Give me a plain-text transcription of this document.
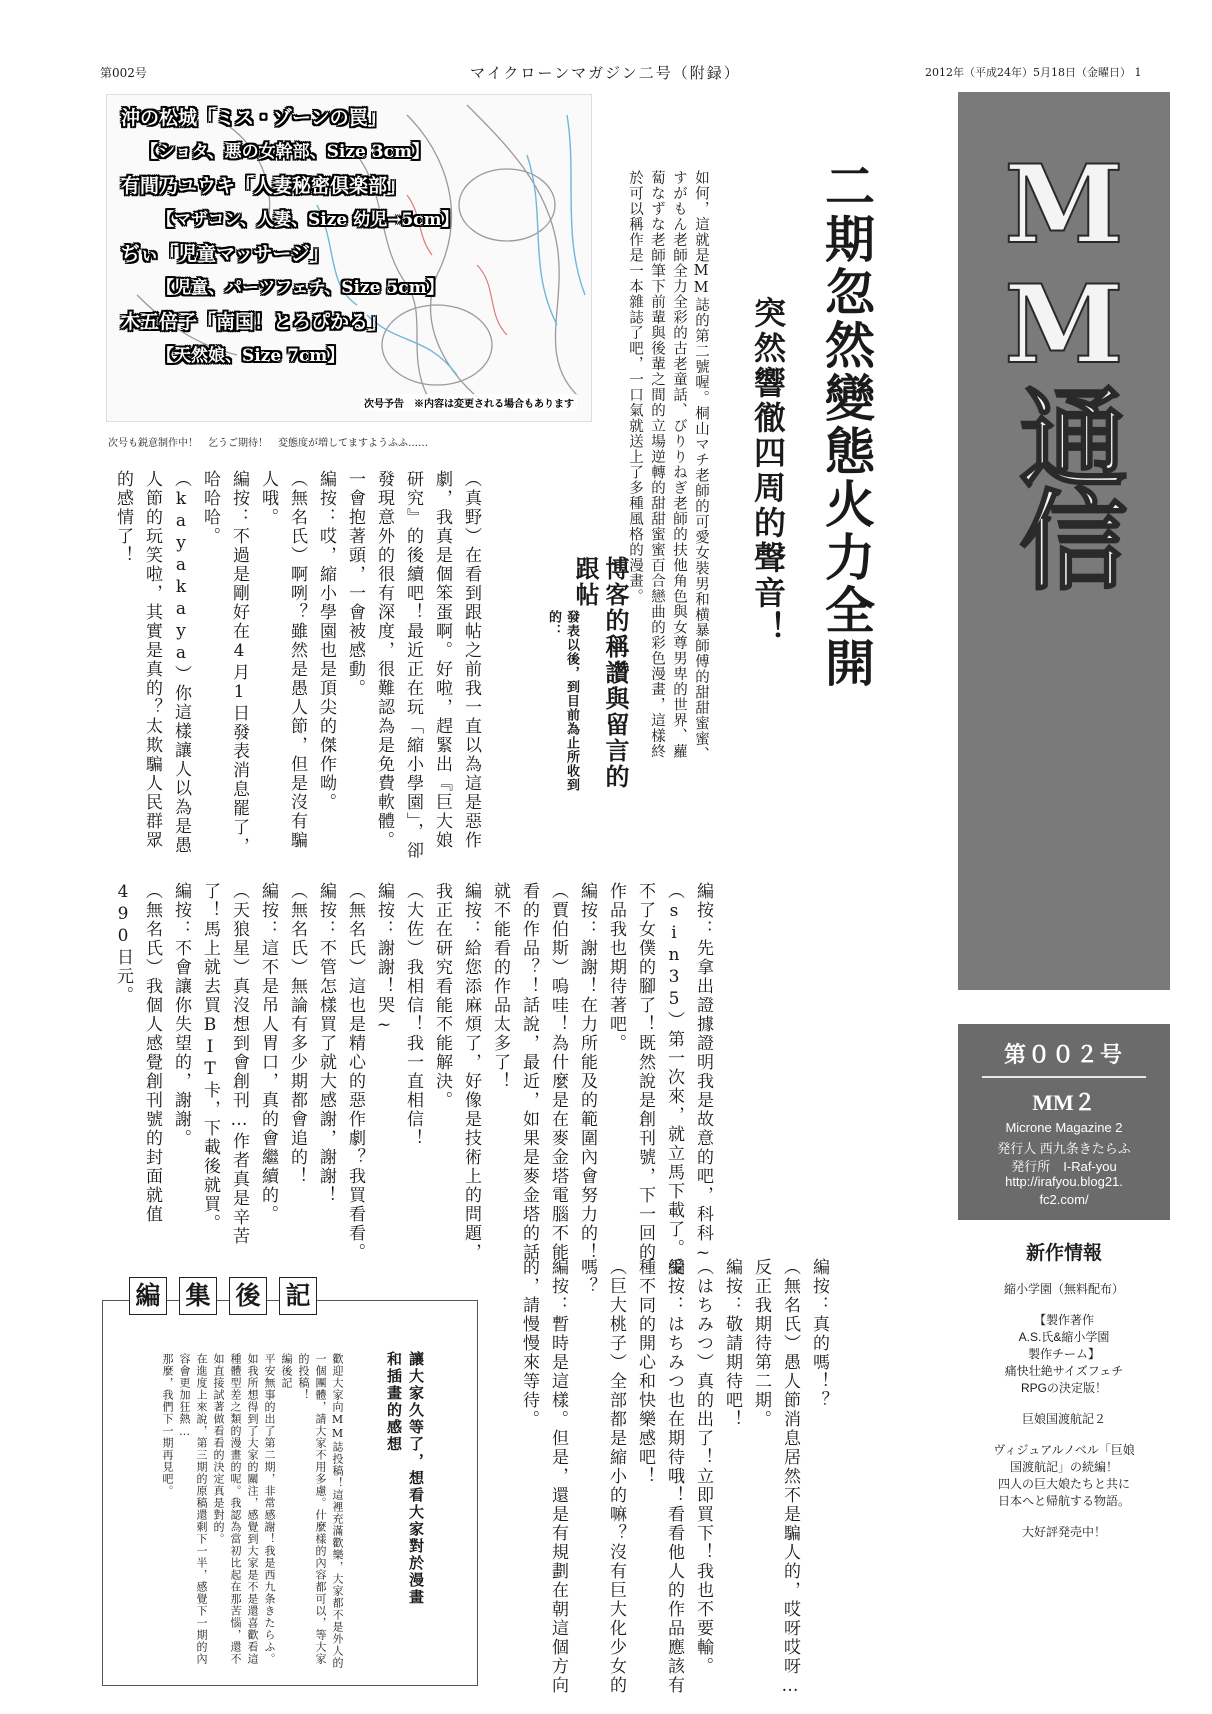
第002号	マイクローンマガジン二号（附録）	2012年（平成24年）5月18日（金曜日） 1
MM通信
第００２号
MM２
Microne Magazine 2
発行人 西九条きたらふ
発行所　I-Raf-you
http://irafyou.blog21.
fc2.com/
新作情報
縮小学園（無料配布）
【製作著作
A.S.氏&縮小学園
製作チーム】
痛快壮絶サイズフェチ
RPGの決定版！
巨娘国渡航記２
ヴィジュアルノベル「巨娘
国渡航記」の続編！
四人の巨大娘たちと共に
日本へと帰航する物語。
大好評発売中！
沖の松城「ミス・ゾーンの罠」
【ショタ、悪の女幹部、Size 3cm】
有間乃ユウキ「人妻秘密倶楽部」
【マザコン、人妻、Size 幼児→5cm】
ぢぃ「児童マッサージ」
【児童、パーツフェチ、Size 5cm】
木五倍子「南国！とろぴかる」
【天然娘、Size 7cm】
次号予告　※内容は変更される場合もあります
次号も鋭意制作中！　乞うご期待！　変態度が増してますようふふ……	二期忽然變態火力全開
突然響徹四周的聲音！
如何，這就是MM誌的第二號喔。桐山マチ老師的可愛女裝男和横暴師傅的甜甜蜜蜜、すがもん老師全力全彩的古老童話、びりりねぎ老師的扶他角色與女尊男卑的世界、蘿蔔なずな老師筆下前輩與後輩之間的立場逆轉的甜甜蜜蜜百合戀曲的彩色漫畫，這樣終於可以稱作是一本雜誌了吧，一口氣就送上了多種風格的漫畫。
博客的稱讚與留言的跟帖
發表以後，到目前為止所收到的：

（真野）在看到跟帖之前我一直以為這是惡作劇，我真是個笨蛋啊。好啦，趕緊出『巨大娘研究』的後續吧！最近正在玩「縮小學園」，卻發現意外的很有深度，很難認為是免費軟體。一會抱著頭，一會被感動。

編按：哎，縮小學園也是頂尖的傑作呦。

（無名氏）啊咧？雖然是愚人節，但是沒有騙人哦。

編按：不過是剛好在4月1日發表消息罷了，哈哈哈。

（kayakaya）你這樣讓人以為是愚人節的玩笑啦，其實是真的？太欺騙人民群眾的感情了！

編按：先拿出證據證明我是故意的吧，科科~

（sin35）第一次來，就立馬下載了。受不了女僕的腳了！既然說是創刊號，下一回的作品我也期待著吧。

編按：謝謝！在力所能及的範圍內會努力的！

（賈伯斯）嗚哇！為什麼是在麥金塔電腦不能看的作品？！話說，最近，如果是麥金塔的話就不能看的作品太多了！

編按：給您添麻煩了，好像是技術上的問題，我正在研究看能不能解決。

（大佐）我相信！我一直相信！

編按：謝謝！哭~

（無名氏）這也是精心的惡作劇？我買看看。

編按：不管怎樣買了就大感謝，謝謝！

（無名氏）無論有多少期都會追的！

編按：這不是吊人胃口，真的會繼續的。

（天狼星）真沒想到會創刊…作者真是辛苦了！馬上就去買BIT卡，下載後就買。

編按：不會讓你失望的，謝謝。

（無名氏）我個人感覺創刊號的封面就值490日元。

編按：真的嗎！？

（無名氏）愚人節消息居然不是騙人的，哎呀哎呀…反正我期待第二期。

編按：敬請期待吧！

（はちみつ）真的出了！立即買下！我也不要輸。

編按：はちみつ也在期待哦！看看他人的作品應該有種不同的開心和快樂感吧！

（巨大桃子）全部都是縮小的嘛？沒有巨大化少女的嗎？

編按：暫時是這樣。但是，還是有規劃在朝這個方向的，請慢慢來等待。

編 集 後 記
讓大家久等了，想看大家對於漫畫和插畫的感想

歡迎大家向MM誌投稿！這裡充滿歡樂，大家都不是外人的一個團體，請大家不用多慮。什麼樣的內容都可以，等大家的投稿！

編後記

平安無事的出了第二期，非常感謝！我是西九条きたらふ。

如我所想得到了大家的關注，感覺到大家是不是還喜歡看這種體型差之類的漫畫的呢。我認為當初比起在那苦惱，還不如直接試著做看看的決定真是對的。

在進度上來說，第三期的原稿還剩下一半，感覺下一期的內容會更加狂熱…

那麼，我們下一期再見吧。
